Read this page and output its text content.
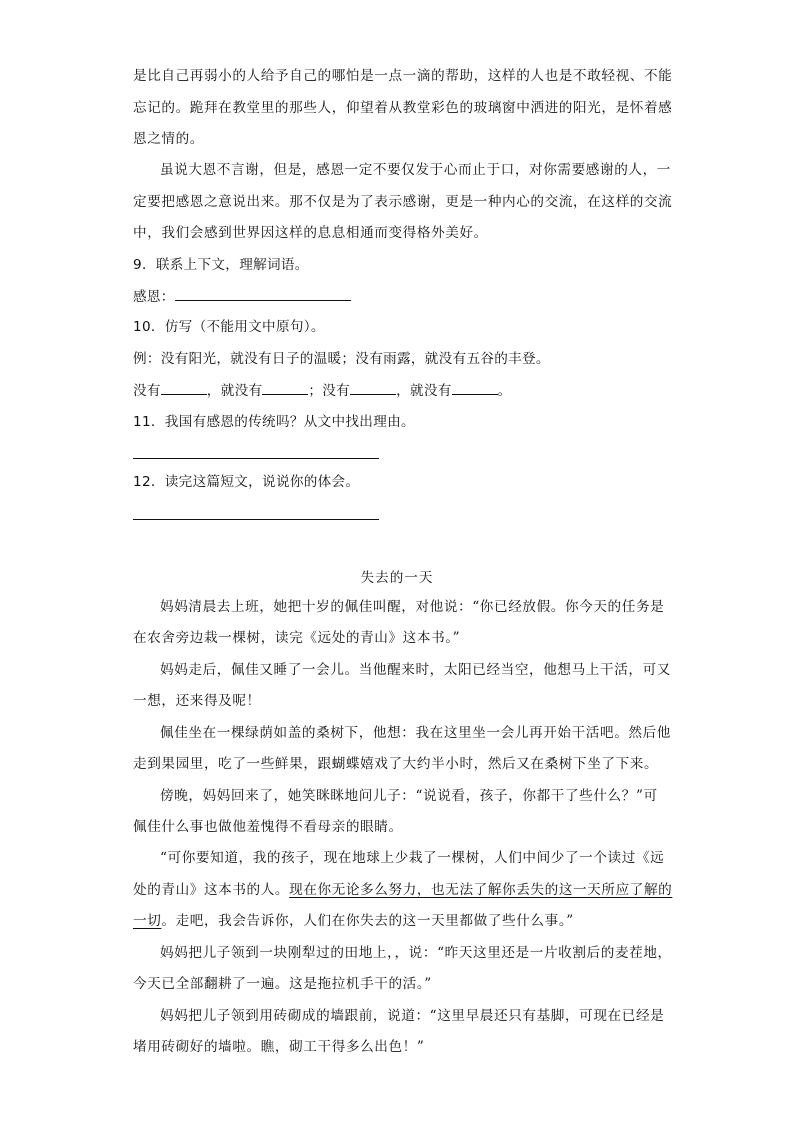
是比自己再弱小的人给予自己的哪怕是一点一滴的帮助，这样的人也是不敢轻视、不能
忘记的。跪拜在教堂里的那些人，仰望着从教堂彩色的玻璃窗中洒进的阳光，是怀着感
恩之情的。
虽说大恩不言谢，但是，感恩一定不要仅发于心而止于口，对你需要感谢的人，一
定要把感恩之意说出来。那不仅是为了表示感谢，更是一种内心的交流，在这样的交流
中，我们会感到世界因这样的息息相通而变得格外美好。
9．联系上下文，理解词语。
感恩：
10．仿写（不能用文中原句）。
例：没有阳光，就没有日子的温暖；没有雨露，就没有五谷的丰登。
没有	，就没有	；没有	，就没有	。
11．我国有感恩的传统吗？从文中找出理由。
12．读完这篇短文，说说你的体会。
失去的一天
妈妈清晨去上班，她把十岁的佩佳叫醒，对他说：“你已经放假。你今天的任务是
在农舍旁边栽一棵树，读完《远处的青山》这本书。”
妈妈走后，佩佳又睡了一会儿。当他醒来时，太阳已经当空，他想马上干活，可又
一想，还来得及呢！
佩佳坐在一棵绿荫如盖的桑树下，他想：我在这里坐一会儿再开始干活吧。然后他
走到果园里，吃了一些鲜果，跟蝴蝶嬉戏了大约半小时，然后又在桑树下坐了下来。
傍晚，妈妈回来了，她笑眯眯地问儿子：“说说看，孩子，你都干了些什么？”可
佩佳什么事也做他羞愧得不看母亲的眼睛。
“可你要知道，我的孩子，现在地球上少栽了一棵树，人们中间少了一个读过《远
处的青山》这本书的人。现在你无论多么努力，也无法了解你丢失的这一天所应了解的
一切。走吧，我会告诉你，人们在你失去的这一天里都做了些什么事。”
妈妈把儿子领到一块刚犁过的田地上，，说：“昨天这里还是一片收割后的麦茬地，
今天已全部翻耕了一遍。这是拖拉机手干的活。”
妈妈把儿子领到用砖砌成的墙跟前，说道：“这里早晨还只有基脚，可现在已经是
堵用砖砌好的墙啦。瞧，砌工干得多么出色！”
